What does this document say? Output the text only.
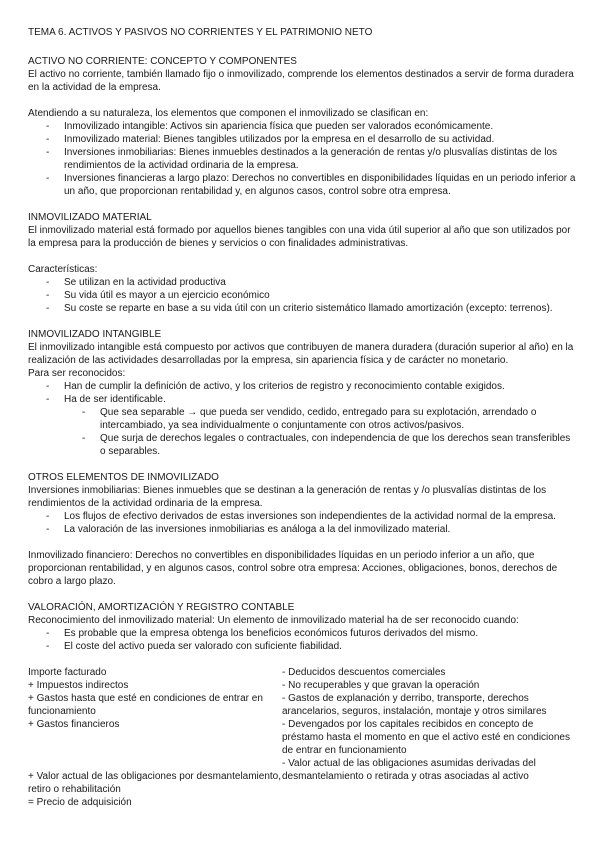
TEMA 6. ACTIVOS Y PASIVOS NO CORRIENTES Y EL PATRIMONIO NETO

ACTIVO NO CORRIENTE: CONCEPTO Y COMPONENTES

El activo no corriente, también llamado fijo o inmovilizado, comprende los elementos destinados a servir de forma duradera en la actividad de la empresa.

Atendiendo a su naturaleza, los elementos que componen el inmovilizado se clasifican en:

- Inmovilizado intangible: Activos sin apariencia física que pueden ser valorados económicamente.
- Inmovilizado material: Bienes tangibles utilizados por la empresa en el desarrollo de su actividad.
- Inversiones inmobiliarias: Bienes inmuebles destinados a la generación de rentas y/o plusvalías distintas de los rendimientos de la actividad ordinaria de la empresa.
- Inversiones financieras a largo plazo: Derechos no convertibles en disponibilidades líquidas en un periodo inferior a un año, que proporcionan rentabilidad y, en algunos casos, control sobre otra empresa.

INMOVILIZADO MATERIAL

El inmovilizado material está formado por aquellos bienes tangibles con una vida útil superior al año que son utilizados por la empresa para la producción de bienes y servicios o con finalidades administrativas.

Características:

- Se utilizan en la actividad productiva
- Su vida útil es mayor a un ejercicio económico
- Su coste se reparte en base a su vida útil con un criterio sistemático llamado amortización (excepto: terrenos).

INMOVILIZADO INTANGIBLE

El inmovilizado intangible está compuesto por activos que contribuyen de manera duradera (duración superior al año) en la realización de las actividades desarrolladas por la empresa, sin apariencia física y de carácter no monetario.

Para ser reconocidos:

- Han de cumplir la definición de activo, y los criterios de registro y reconocimiento contable exigidos.
- Ha de ser identificable.
- Que sea separable → que pueda ser vendido, cedido, entregado para su explotación, arrendado o intercambiado, ya sea individualmente o conjuntamente con otros activos/pasivos.
- Que surja de derechos legales o contractuales, con independencia de que los derechos sean transferibles o separables.

OTROS ELEMENTOS DE INMOVILIZADO

Inversiones inmobiliarias: Bienes inmuebles que se destinan a la generación de rentas y /o plusvalías distintas de los rendimientos de la actividad ordinaria de la empresa.

- Los flujos de efectivo derivados de estas inversiones son independientes de la actividad normal de la empresa.
- La valoración de las inversiones inmobiliarias es análoga a la del inmovilizado material.

Inmovilizado financiero: Derechos no convertibles en disponibilidades líquidas en un periodo inferior a un año, que proporcionan rentabilidad, y en algunos casos, control sobre otra empresa: Acciones, obligaciones, bonos, derechos de cobro a largo plazo.

VALORACIÓN, AMORTIZACIÓN Y REGISTRO CONTABLE

Reconocimiento del inmovilizado material: Un elemento de inmovilizado material ha de ser reconocido cuando:

- Es probable que la empresa obtenga los beneficios económicos futuros derivados del mismo.
- El coste del activo pueda ser valorado con suficiente fiabilidad.

Importe facturado

+ Impuestos indirectos

+ Gastos hasta que esté en condiciones de entrar en funcionamiento

+ Gastos financieros

+ Valor actual de las obligaciones por desmantelamiento, retiro o rehabilitación

= Precio de adquisición

- Deducidos descuentos comerciales

- No recuperables y que gravan la operación

- Gastos de explanación y derribo, transporte, derechos arancelarios, seguros, instalación, montaje y otros similares

- Devengados por los capitales recibidos en concepto de préstamo hasta el momento en que el activo esté en condiciones de entrar en funcionamiento

- Valor actual de las obligaciones asumidas derivadas del desmantelamiento o retirada y otras asociadas al activo
